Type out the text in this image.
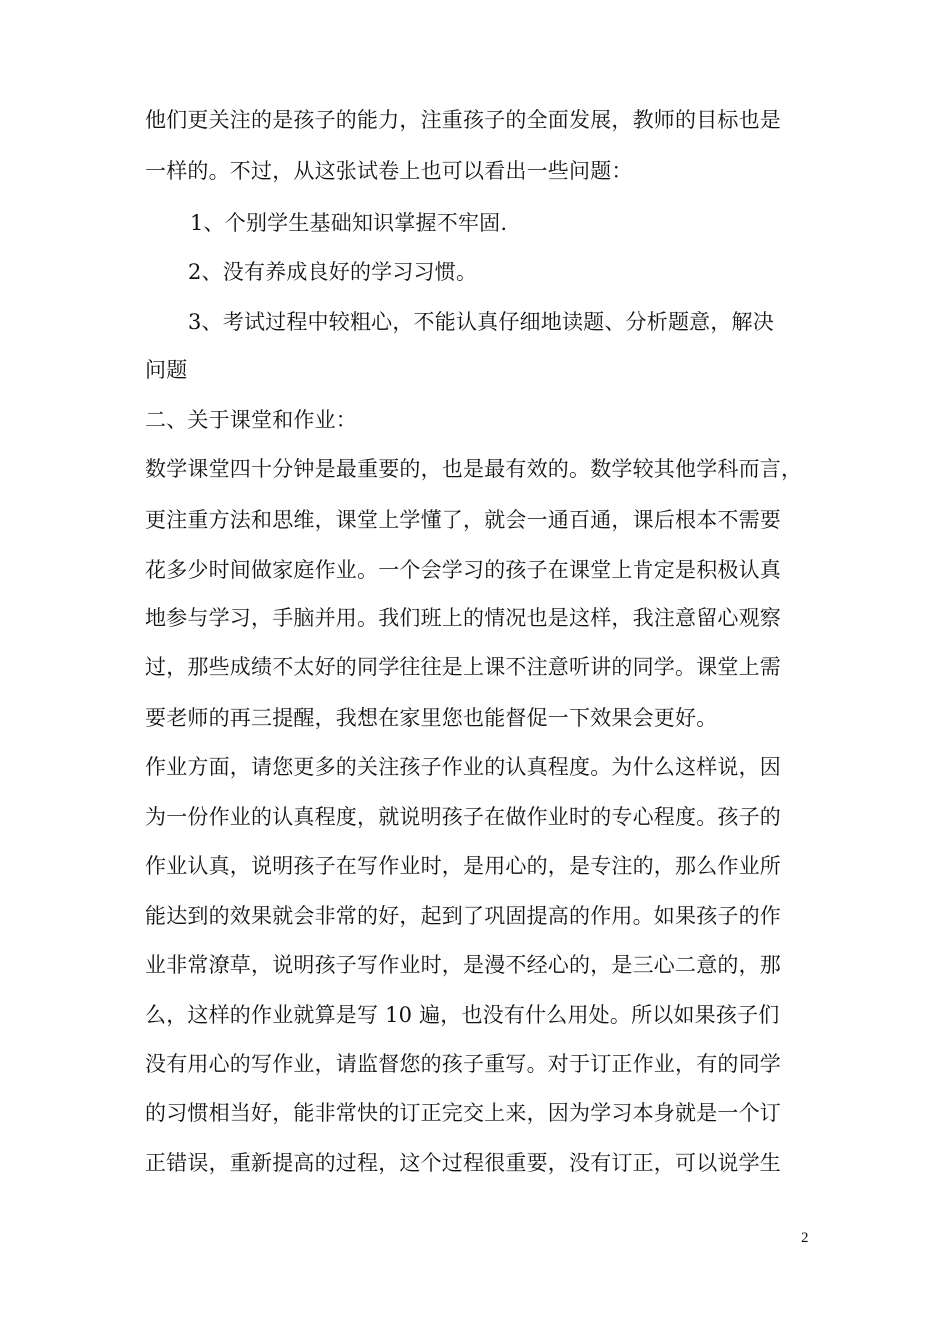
他们更关注的是孩子的能力，注重孩子的全面发展，教师的目标也是
一样的。不过，从这张试卷上也可以看出一些问题：
1、个别学生基础知识掌握不牢固.
2、没有养成良好的学习习惯。
3、考试过程中较粗心，不能认真仔细地读题、分析题意，解决
问题
二、关于课堂和作业：
数学课堂四十分钟是最重要的，也是最有效的。数学较其他学科而言，
更注重方法和思维，课堂上学懂了，就会一通百通，课后根本不需要
花多少时间做家庭作业。一个会学习的孩子在课堂上肯定是积极认真
地参与学习，手脑并用。我们班上的情况也是这样，我注意留心观察
过，那些成绩不太好的同学往往是上课不注意听讲的同学。课堂上需
要老师的再三提醒，我想在家里您也能督促一下效果会更好。
作业方面，请您更多的关注孩子作业的认真程度。为什么这样说，因
为一份作业的认真程度，就说明孩子在做作业时的专心程度。孩子的
作业认真，说明孩子在写作业时，是用心的，是专注的，那么作业所
能达到的效果就会非常的好，起到了巩固提高的作用。如果孩子的作
业非常潦草，说明孩子写作业时，是漫不经心的，是三心二意的，那
么，这样的作业就算是写 10 遍，也没有什么用处。所以如果孩子们
没有用心的写作业，请监督您的孩子重写。对于订正作业，有的同学
的习惯相当好，能非常快的订正完交上来，因为学习本身就是一个订
正错误，重新提高的过程，这个过程很重要，没有订正，可以说学生
2
